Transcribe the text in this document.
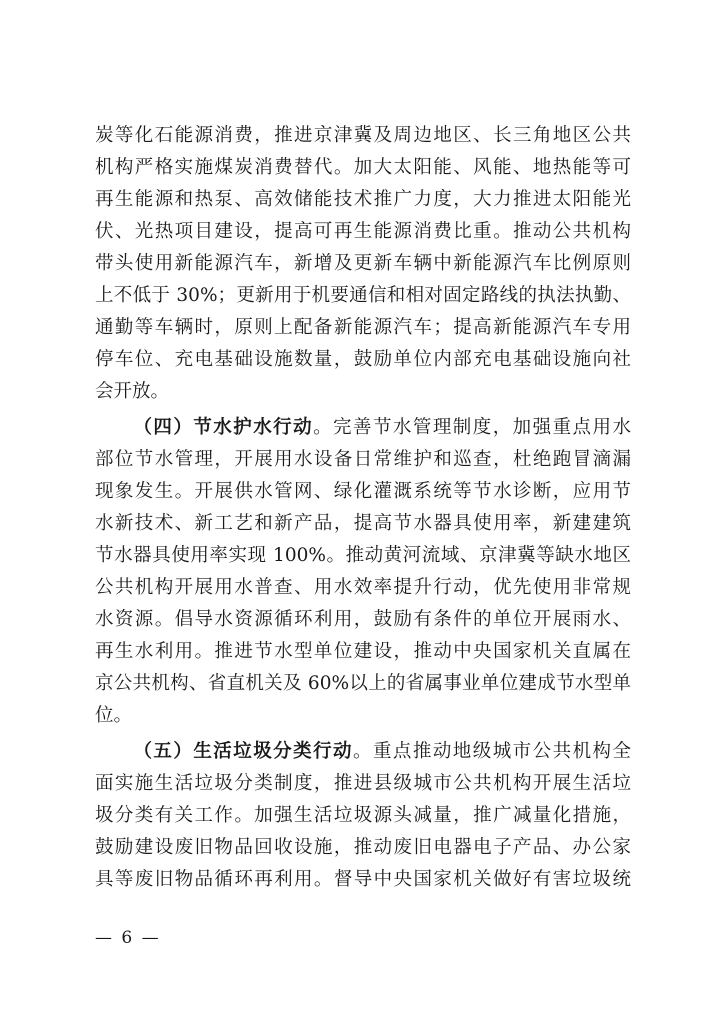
炭等化石能源消费，推进京津冀及周边地区、长三角地区公共
机构严格实施煤炭消费替代。加大太阳能、风能、地热能等可
再生能源和热泵、高效储能技术推广力度，大力推进太阳能光
伏、光热项目建设，提高可再生能源消费比重。推动公共机构
带头使用新能源汽车，新增及更新车辆中新能源汽车比例原则
上不低于 30%；更新用于机要通信和相对固定路线的执法执勤、
通勤等车辆时，原则上配备新能源汽车；提高新能源汽车专用
停车位、充电基础设施数量，鼓励单位内部充电基础设施向社
会开放。
（四）节水护水行动。完善节水管理制度，加强重点用水
部位节水管理，开展用水设备日常维护和巡查，杜绝跑冒滴漏
现象发生。开展供水管网、绿化灌溉系统等节水诊断，应用节
水新技术、新工艺和新产品，提高节水器具使用率，新建建筑
节水器具使用率实现 100%。推动黄河流域、京津冀等缺水地区
公共机构开展用水普查、用水效率提升行动，优先使用非常规
水资源。倡导水资源循环利用，鼓励有条件的单位开展雨水、
再生水利用。推进节水型单位建设，推动中央国家机关直属在
京公共机构、省直机关及 60%以上的省属事业单位建成节水型单
位。
（五）生活垃圾分类行动。重点推动地级城市公共机构全
面实施生活垃圾分类制度，推进县级城市公共机构开展生活垃
圾分类有关工作。加强生活垃圾源头减量，推广减量化措施，
鼓励建设废旧物品回收设施，推动废旧电器电子产品、办公家
具等废旧物品循环再利用。督导中央国家机关做好有害垃圾统
— 6 —
